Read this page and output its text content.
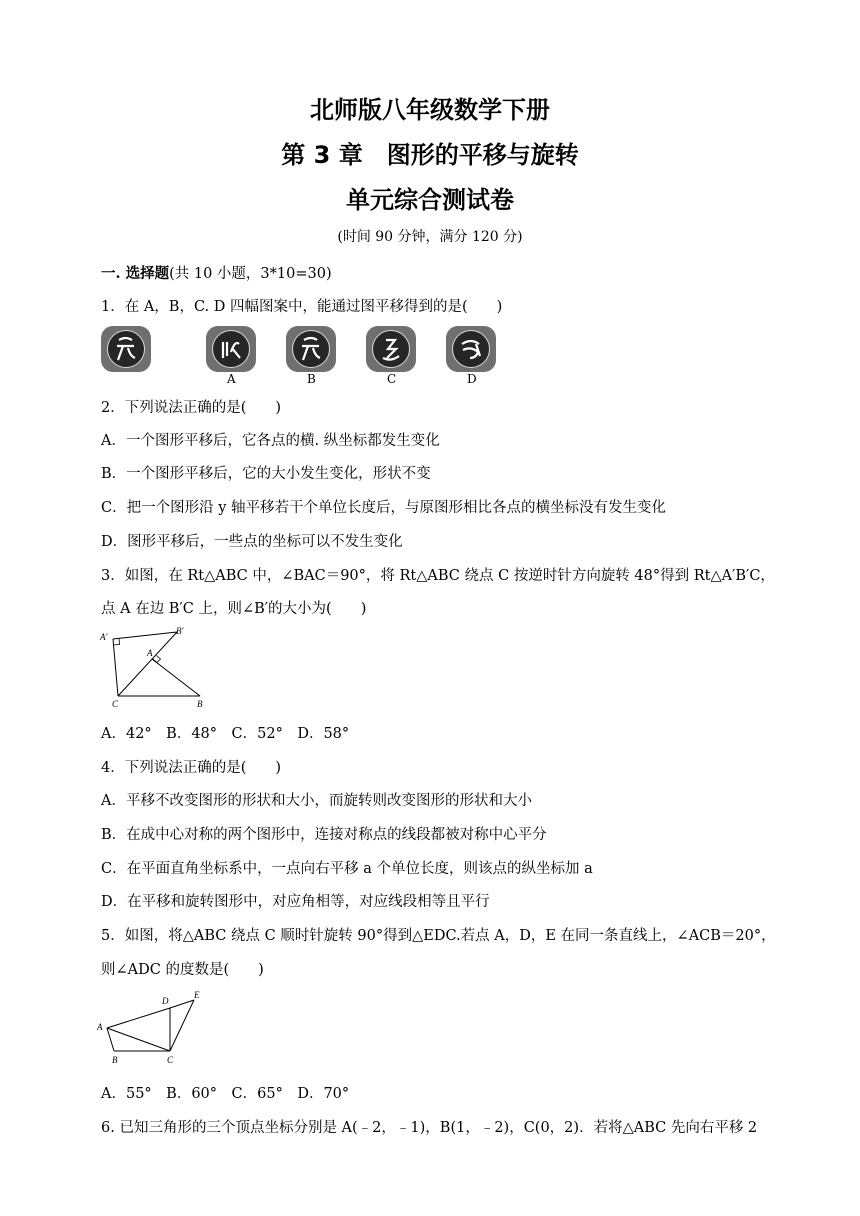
北师版八年级数学下册
第 3 章　图形的平移与旋转
单元综合测试卷
(时间 90 分钟，满分 120 分)
一. 选择题(共 10 小题，3*10=30)
1．在 A，B，C. D 四幅图案中，能通过图平移得到的是(　　)
A	B	C	D
2．下列说法正确的是(　　)
A．一个图形平移后，它各点的横. 纵坐标都发生变化
B．一个图形平移后，它的大小发生变化，形状不变
C．把一个图形沿 y 轴平移若干个单位长度后，与原图形相比各点的横坐标没有发生变化
D．图形平移后，一些点的坐标可以不发生变化
3．如图，在 Rt△ABC 中，∠BAC＝90°，将 Rt△ABC 绕点 C 按逆时针方向旋转 48°得到 Rt△A′B′C，
点 A 在边 B′C 上，则∠B′的大小为(　　)
A′
B′
A
C	B
A．42°　B．48°　C．52°　D．58°
4．下列说法正确的是(　　)
A．平移不改变图形的形状和大小，而旋转则改变图形的形状和大小
B．在成中心对称的两个图形中，连接对称点的线段都被对称中心平分
C．在平面直角坐标系中，一点向右平移 a 个单位长度，则该点的纵坐标加 a
D．在平移和旋转图形中，对应角相等，对应线段相等且平行
5．如图，将△ABC 绕点 C 顺时针旋转 90°得到△EDC.若点 A，D，E 在同一条直线上，∠ACB＝20°，
则∠ADC 的度数是(　　)
D
E
A
B	C
A．55°　B．60°　C．65°　D．70°
6. 已知三角形的三个顶点坐标分别是 A(﹣2，﹣1)，B(1，﹣2)，C(0，2)．若将△ABC 先向右平移 2
